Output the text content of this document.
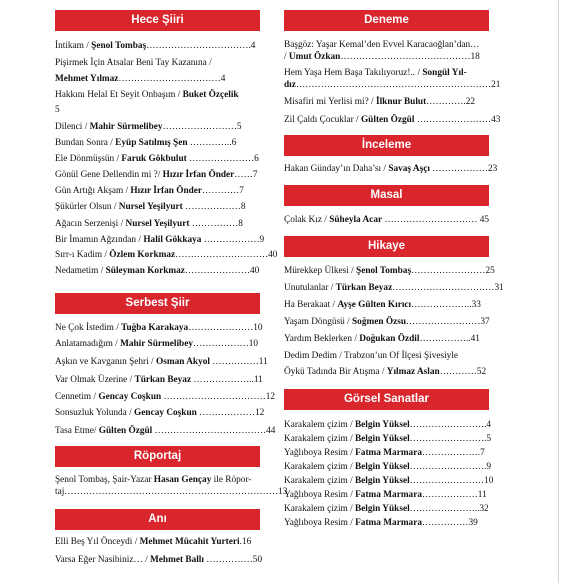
Hece Şiiri
İntikam / Şenol Tombaş…………………………….4
Pişirmek İçin Atsalar Beni Tay Kazanına /
Mehmet Yılmaz……………………………4
Hakkını Helal Et Seyit Onbaşım / Buket Özçelik
5
Dilenci / Mahir Sürmelibey……………………5
Bundan Sonra / Eyüp Satılmış Şen …………..6
Ele Dönmüşsün / Faruk Gökbulut …………………6
Gönül Gene Dellendin mi ?/ Hızır İrfan Önder……7
Gün Artığı Akşam / Hızır İrfan Önder…………7
Şükürler Olsun / Nursel Yeşilyurt ………………8
Ağacın Serzenişi / Nursel Yeşilyurt ……………8
Bir İmamın Ağzından / Halil Gökkaya ………………9
Sırr-ı Kadim / Özlem Korkmaz…………………………40
Nedametim / Süleyman Korkmaz…………………40
Serbest Şiir
Ne Çok İstedim / Tuğba Karakaya…………………10
Anlatamadığım / Mahir Sürmelibey………………10
Aşkın ve Kavganın Şehri / Osman Akyol ……………11
Var Olmak Üzerine / Türkan Beyaz ………………..11
Cennetim / Gencay Coşkun ……………………………12
Sonsuzluk Yolunda / Gencay Coşkun ………………12
Tasa Etme/ Gülten Özgül ………………………………44
Röportaj
Şenol Tombaş, Şair-Yazar Hasan Gençay ile Röpor-
taj……………………………………………………………13
Anı
Elli Beş Yıl Önceydi / Mehmet Mücahit Yurteri.16
Varsa Eğer Nasibiniz… / Mehmet Ballı ……………50
Deneme
Başgöz: Yaşar Kemal’den Evvel Karacaoğlan’dan…
/ Umut Özkan……………………………………18
Hem Yaşa Hem Başa Takılıyoruz!.. / Songül Yıl-
dız………………………………………………………21
Misafiri mi Yerlisi mi? / İlknur Bulut………….22
Zil Çaldı Çocuklar / Gülten Özgül ……………………43
İnceleme
Hakan Günday’ın Daha’sı / Savaş Aşçı ………………23
Masal
Çolak Kız / Süheyla Acar ………………………… 45
Hikaye
Mürekkep Ülkesi / Şenol Tombaş……………………25
Unutulanlar / Türkan Beyaz……………………………31
Ha Berakaat / Ayşe Gülten Kırıcı………………..33
Yaşam Döngüsü / Soğmen Özsu……………………37
Yardım Beklerken / Doğukan Özdil……………..41
Dedim Dedim / Trabzon’un Of İlçesi Şivesiyle
Öykü Tadında Bir Atışma / Yılmaz Aslan…………52
Görsel Sanatlar
Karakalem çizim / Belgin Yüksel…………………….4
Karakalem çizim / Belgin Yüksel…………………….5
Yağlıboya Resim / Fatma Marmara……………….7
Karakalem çizim / Belgin Yüksel…………………….9
Karakalem çizim / Belgin Yüksel……………………10
Yağlıboya Resim / Fatma Marmara………………11
Karakalem çizim / Belgin Yüksel…………………..32
Yağlıboya Resim / Fatma Marmara……………39
